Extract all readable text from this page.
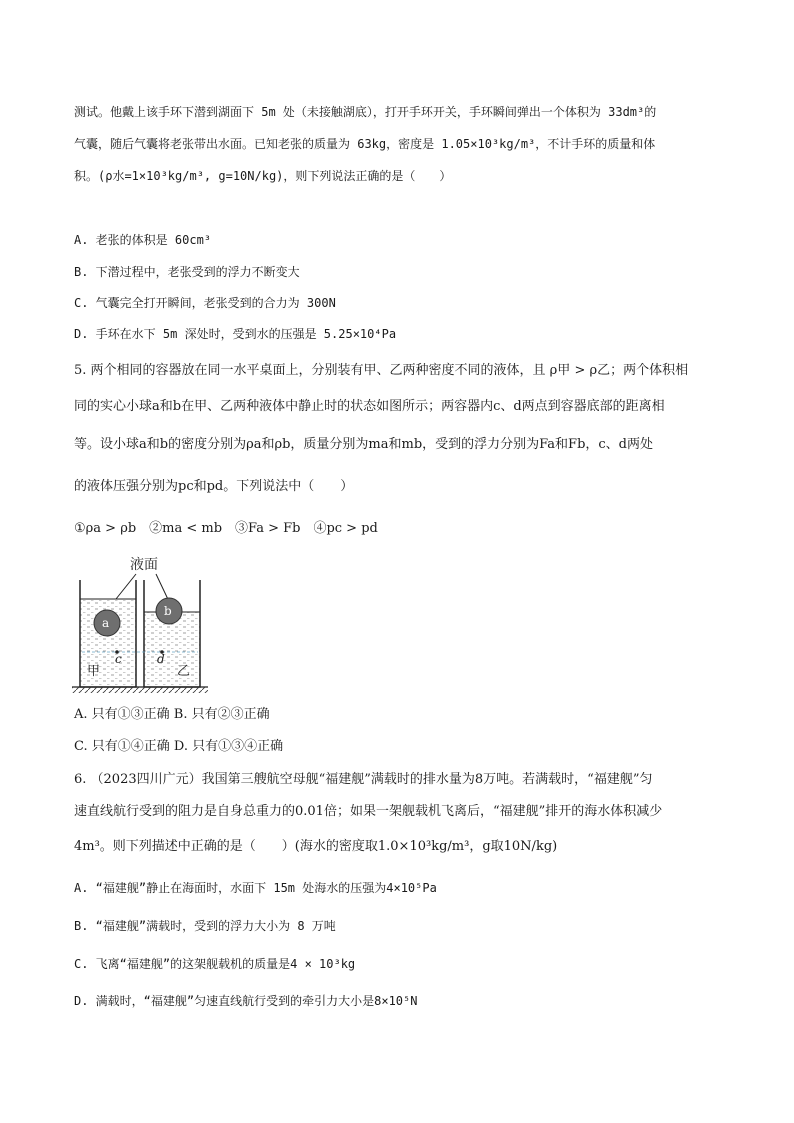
测试。他戴上该手环下潜到湖面下 5m 处（未接触湖底），打开手环开关，手环瞬间弹出一个体积为 33dm³的
气囊，随后气囊将老张带出水面。已知老张的质量为 63kg，密度是 1.05×10³kg/m³，不计手环的质量和体
积。(ρ水=1×10³kg/m³, g=10N/kg)，则下列说法正确的是（　　）
A. 老张的体积是 60cm³
B. 下潜过程中，老张受到的浮力不断变大
C. 气囊完全打开瞬间，老张受到的合力为 300N
D. 手环在水下 5m 深处时，受到水的压强是 5.25×10⁴Pa
5. 两个相同的容器放在同一水平桌面上，分别装有甲、乙两种密度不同的液体，且 ρ甲 > ρ乙；两个体积相
同的实心小球a和b在甲、乙两种液体中静止时的状态如图所示；两容器内c、d两点到容器底部的距离相
等。设小球a和b的密度分别为ρa和ρb，质量分别为ma和mb，受到的浮力分别为Fa和Fb，c、d两处
的液体压强分别为pc和pd。下列说法中（　　）
①ρa > ρb　②ma < mb　③Fa > Fb　④pc > pd
液面
a
b
c	d
甲	乙
A. 只有①③正确 B. 只有②③正确
C. 只有①④正确 D. 只有①③④正确
6. （2023四川广元）我国第三艘航空母舰“福建舰”满载时的排水量为8万吨。若满载时，“福建舰”匀
速直线航行受到的阻力是自身总重力的0.01倍；如果一架舰载机飞离后，“福建舰”排开的海水体积减少
4m³。则下列描述中正确的是（　　）(海水的密度取1.0×10³kg/m³，g取10N/kg)
A. “福建舰”静止在海面时，水面下 15m 处海水的压强为4×10⁵Pa
B. “福建舰”满载时，受到的浮力大小为 8 万吨
C. 飞离“福建舰”的这架舰载机的质量是4 × 10³kg
D. 满载时，“福建舰”匀速直线航行受到的牵引力大小是8×10⁵N
